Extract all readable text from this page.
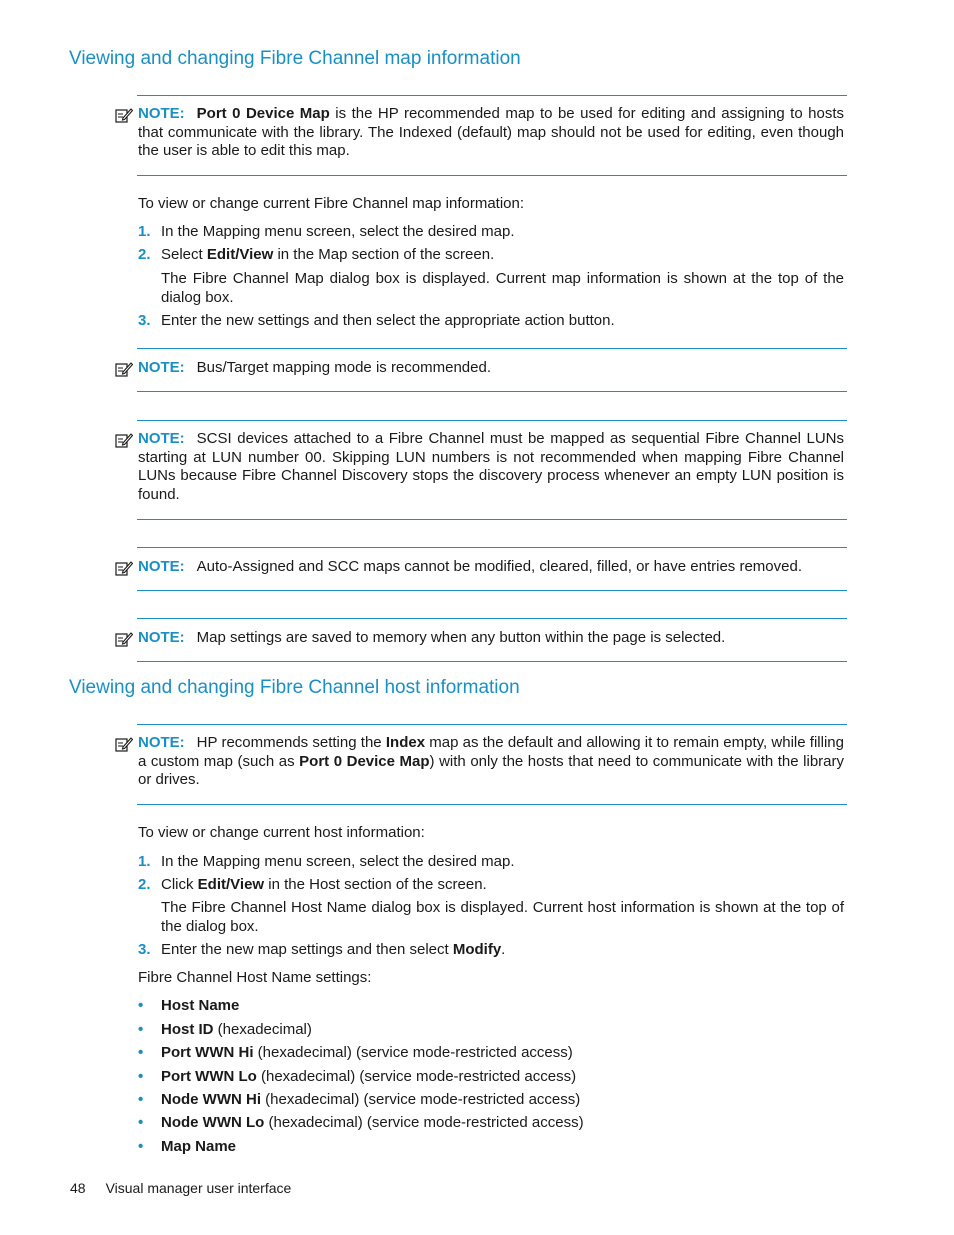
Viewing and changing Fibre Channel map information
NOTE: Port 0 Device Map is the HP recommended map to be used for editing and assigning to hosts that communicate with the library. The Indexed (default) map should not be used for editing, even though the user is able to edit this map.
To view or change current Fibre Channel map information:
1. In the Mapping menu screen, select the desired map.
2. Select Edit/View in the Map section of the screen.
The Fibre Channel Map dialog box is displayed. Current map information is shown at the top of the dialog box.
3. Enter the new settings and then select the appropriate action button.
NOTE: Bus/Target mapping mode is recommended.
NOTE: SCSI devices attached to a Fibre Channel must be mapped as sequential Fibre Channel LUNs starting at LUN number 00. Skipping LUN numbers is not recommended when mapping Fibre Channel LUNs because Fibre Channel Discovery stops the discovery process whenever an empty LUN position is found.
NOTE: Auto-Assigned and SCC maps cannot be modified, cleared, filled, or have entries removed.
NOTE: Map settings are saved to memory when any button within the page is selected.
Viewing and changing Fibre Channel host information
NOTE: HP recommends setting the Index map as the default and allowing it to remain empty, while filling a custom map (such as Port 0 Device Map) with only the hosts that need to communicate with the library or drives.
To view or change current host information:
1. In the Mapping menu screen, select the desired map.
2. Click Edit/View in the Host section of the screen.
The Fibre Channel Host Name dialog box is displayed. Current host information is shown at the top of the dialog box.
3. Enter the new map settings and then select Modify.
Fibre Channel Host Name settings:
• Host Name
• Host ID (hexadecimal)
• Port WWN Hi (hexadecimal) (service mode-restricted access)
• Port WWN Lo (hexadecimal) (service mode-restricted access)
• Node WWN Hi (hexadecimal) (service mode-restricted access)
• Node WWN Lo (hexadecimal) (service mode-restricted access)
• Map Name
48 Visual manager user interface
